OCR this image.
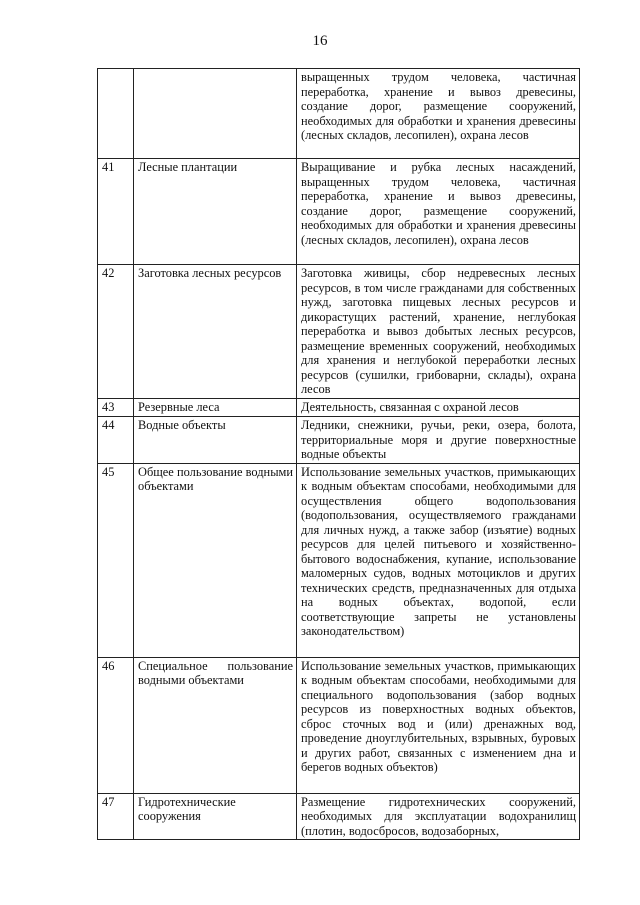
16
		выращенных трудом человека, частичная переработка, хранение и вывоз древесины, создание дорог, размещение сооружений, необходимых для обработки и хранения древесины (лесных складов, лесопилен), охрана лесов
41	Лесные плантации	Выращивание и рубка лесных насаждений, выращенных трудом человека, частичная переработка, хранение и вывоз древесины, создание дорог, размещение сооружений, необходимых для обработки и хранения древесины (лесных складов, лесопилен), охрана лесов
42	Заготовка лесных ресурсов	Заготовка живицы, сбор недревесных лесных ресурсов, в том числе гражданами для собственных нужд, заготовка пищевых лесных ресурсов и дикорастущих растений, хранение, неглубокая переработка и вывоз добытых лесных ресурсов, размещение временных сооружений, необходимых для хранения и неглубокой переработки лесных ресурсов (сушилки, грибоварни, склады), охрана лесов
43	Резервные леса	Деятельность, связанная с охраной лесов
44	Водные объекты	Ледники, снежники, ручьи, реки, озера, болота, территориальные моря и другие поверхностные водные объекты
45	Общее пользование водными объектами	Использование земельных участков, примыкающих к водным объектам способами, необходимыми для осуществления общего водопользования (водопользования, осуществляемого гражданами для личных нужд, а также забор (изъятие) водных ресурсов для целей питьевого и хозяйственно-бытового водоснабжения, купание, использование маломерных судов, водных мотоциклов и других технических средств, предназначенных для отдыха на водных объектах, водопой, если соответствующие запреты не установлены законодательством)
46	Специальное пользование водными объектами	Использование земельных участков, примыкающих к водным объектам способами, необходимыми для специального водопользования (забор водных ресурсов из поверхностных водных объектов, сброс сточных вод и (или) дренажных вод, проведение дноуглубительных, взрывных, буровых и других работ, связанных с изменением дна и берегов водных объектов)
47	Гидротехнические сооружения	Размещение гидротехнических сооружений, необходимых для эксплуатации водохранилищ (плотин, водосбросов, водозаборных,
